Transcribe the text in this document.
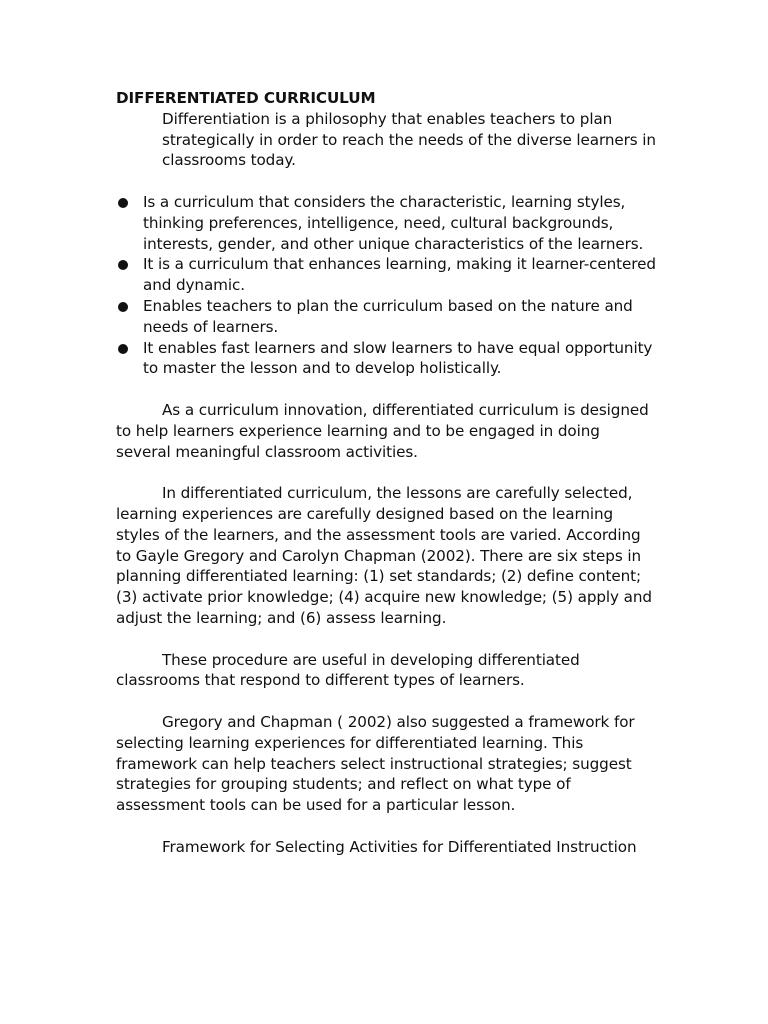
DIFFERENTIATED CURRICULUM

Differentiation is a philosophy that enables teachers to plan strategically in order to reach the needs of the diverse learners in classrooms today.

Is a curriculum that considers the characteristic, learning styles, thinking preferences, intelligence, need, cultural backgrounds, interests, gender, and other unique characteristics of the learners.
It is a curriculum that enhances learning, making it learner-centered and dynamic.
Enables teachers to plan the curriculum based on the nature and needs of learners.
It enables fast learners and slow learners to have equal opportunity to master the lesson and to develop holistically.

As a curriculum innovation, differentiated curriculum is designed to help learners experience learning and to be engaged in doing several meaningful classroom activities.

In differentiated curriculum, the lessons are carefully selected, learning experiences are carefully designed based on the learning styles of the learners, and the assessment tools are varied. According to Gayle Gregory and Carolyn Chapman (2002). There are six steps in planning differentiated learning: (1) set standards; (2) define content; (3) activate prior knowledge; (4) acquire new knowledge; (5) apply and adjust the learning; and (6) assess learning.

These procedure are useful in developing differentiated classrooms that respond to different types of learners.

Gregory and Chapman ( 2002) also suggested a framework for selecting learning experiences for differentiated learning. This framework can help teachers select instructional strategies; suggest strategies for grouping students; and reflect on what type of assessment tools can be used for a particular lesson.

Framework for Selecting Activities for Differentiated Instruction
